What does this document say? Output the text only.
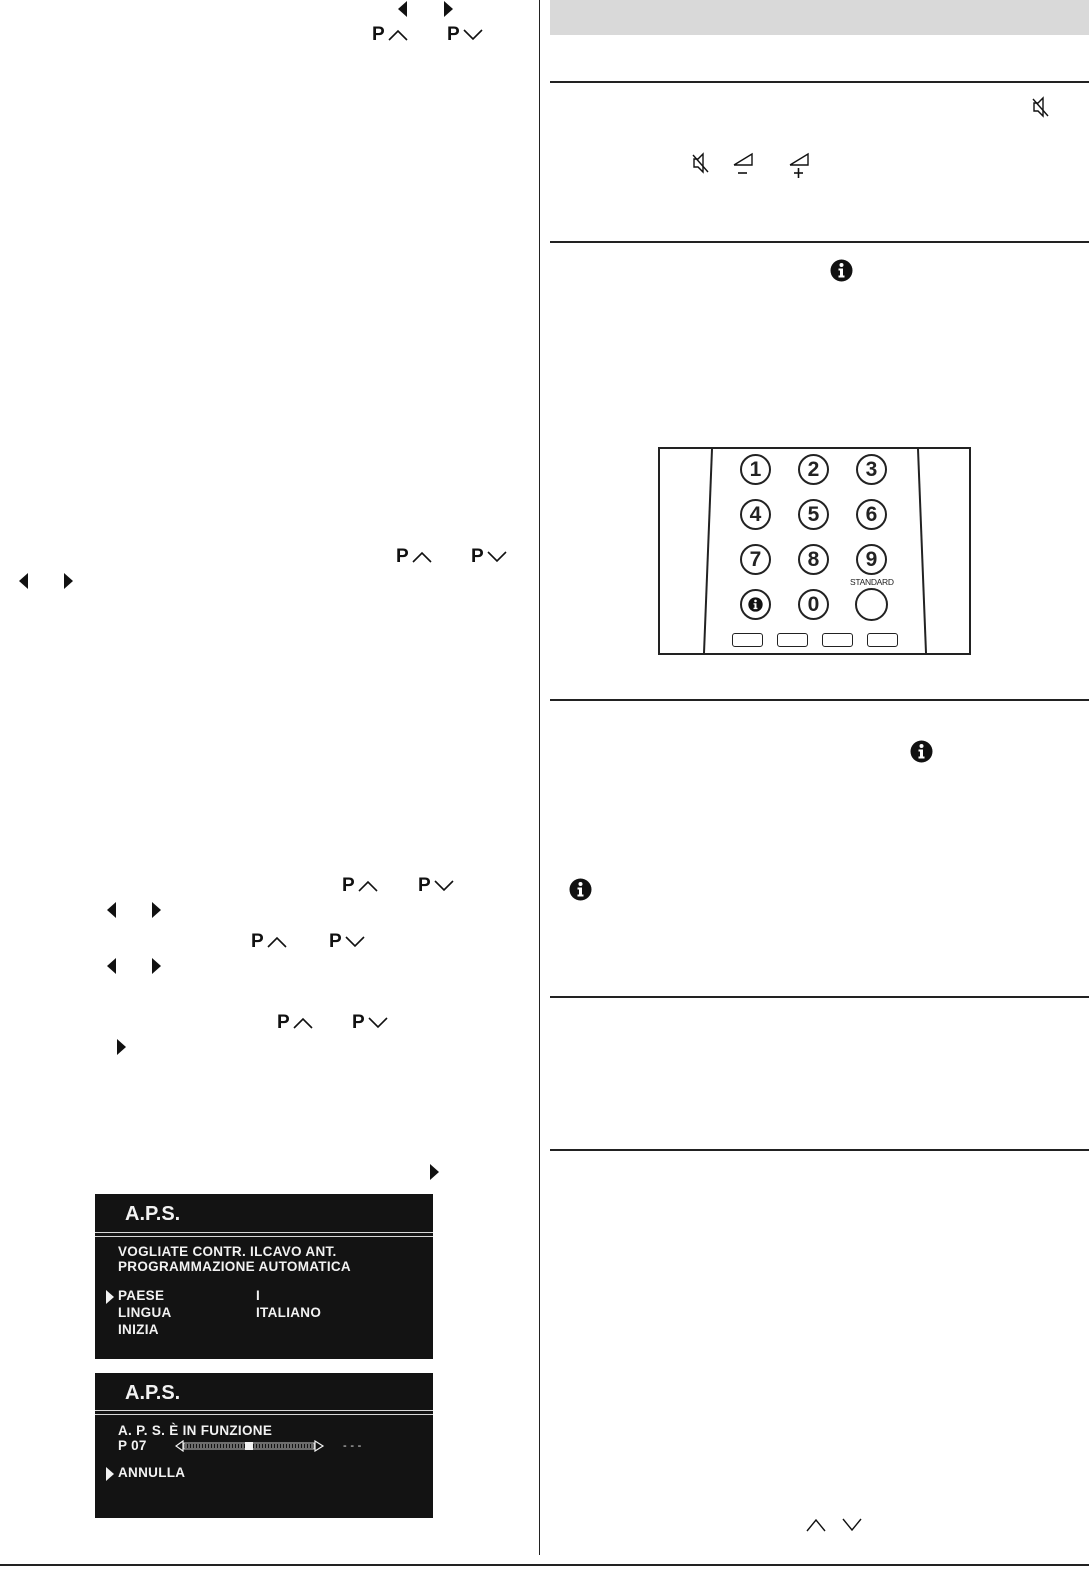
P	P
P	P
P	P
P	P
P	P
A.P.S.
VOGLIATE CONTR. ILCAVO ANT.
PROGRAMMAZIONE AUTOMATICA
PAESE	I
LINGUA	ITALIANO
INIZIA
A.P.S.
A. P. S. È IN FUNZIONE
P 07	- - -
ANNULLA
1	2	3
4	5	6
7	8	9
0
STANDARD
